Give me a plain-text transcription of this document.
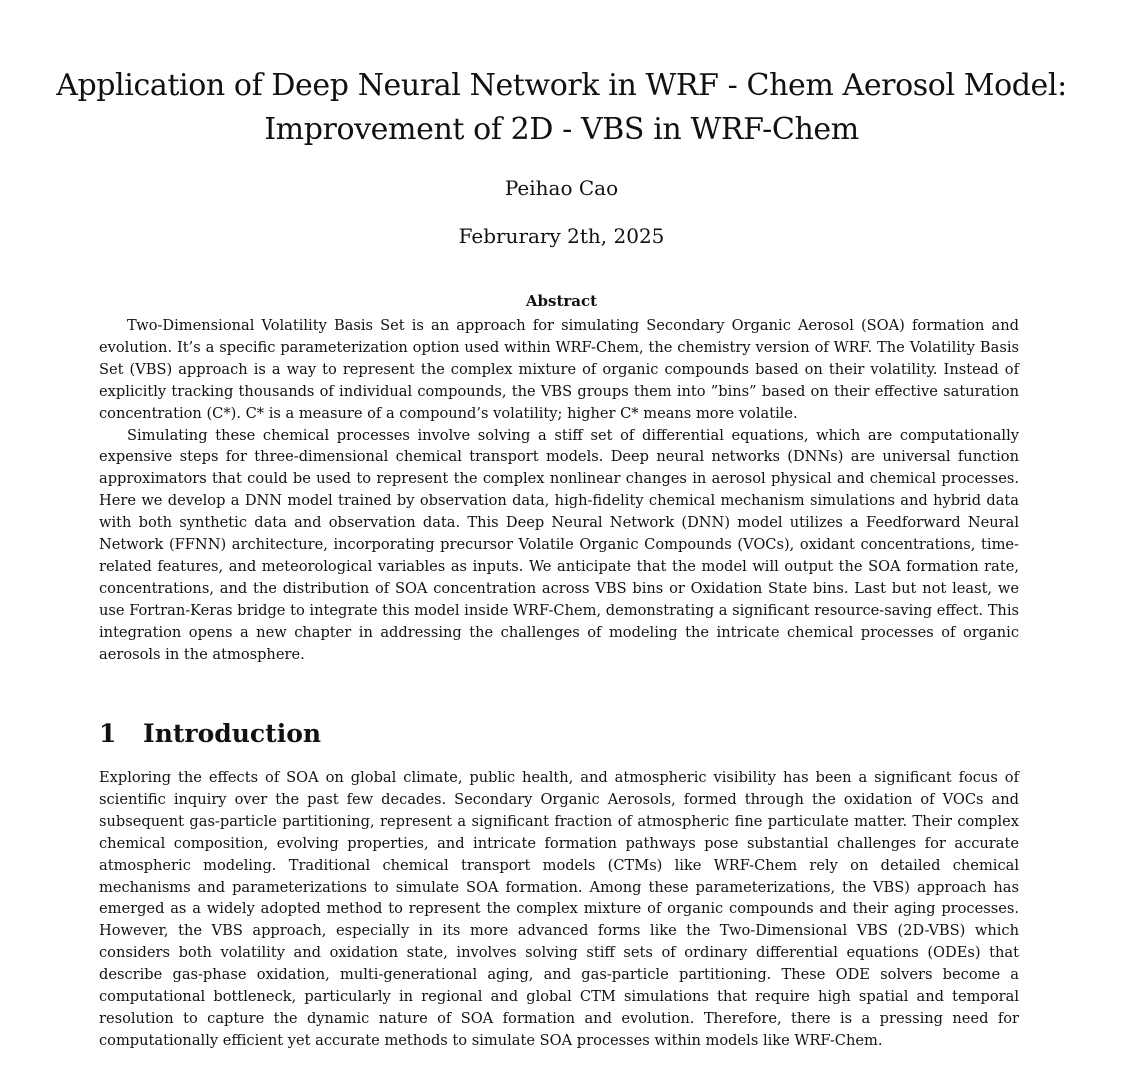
Application of Deep Neural Network in WRF - Chem Aerosol Model: Improvement of 2D - VBS in WRF-Chem
Peihao Cao
Februrary 2th, 2025
Abstract

Two-Dimensional Volatility Basis Set is an approach for simulating Secondary Organic Aerosol (SOA) formation and evolution. It’s a specific parameterization option used within WRF-Chem, the chemistry version of WRF. The Volatility Basis Set (VBS) approach is a way to represent the complex mixture of organic compounds based on their volatility. Instead of explicitly tracking thousands of individual compounds, the VBS groups them into ”bins” based on their effective saturation concentration (C*). C* is a measure of a compound’s volatility; higher C* means more volatile.

Simulating these chemical processes involve solving a stiff set of differential equations, which are computationally expensive steps for three-dimensional chemical transport models. Deep neural networks (DNNs) are universal function approximators that could be used to represent the complex nonlinear changes in aerosol physical and chemical processes. Here we develop a DNN model trained by observation data, high-fidelity chemical mechanism simulations and hybrid data with both synthetic data and observation data. This Deep Neural Network (DNN) model utilizes a Feedforward Neural Network (FFNN) architecture, incorporating precursor Volatile Organic Compounds (VOCs), oxidant concentrations, time-related features, and meteorological variables as inputs. We anticipate that the model will output the SOA formation rate, concentrations, and the distribution of SOA concentration across VBS bins or Oxidation State bins. Last but not least, we use Fortran-Keras bridge to integrate this model inside WRF-Chem, demonstrating a significant resource-saving effect. This integration opens a new chapter in addressing the challenges of modeling the intricate chemical processes of organic aerosols in the atmosphere.

1 Introduction

Exploring the effects of SOA on global climate, public health, and atmospheric visibility has been a significant focus of scientific inquiry over the past few decades. Secondary Organic Aerosols, formed through the oxidation of VOCs and subsequent gas-particle partitioning, represent a significant fraction of atmospheric fine particulate matter. Their complex chemical composition, evolving properties, and intricate formation pathways pose substantial challenges for accurate atmospheric modeling. Traditional chemical transport models (CTMs) like WRF-Chem rely on detailed chemical mechanisms and parameterizations to simulate SOA formation. Among these parameterizations, the VBS) approach has emerged as a widely adopted method to represent the complex mixture of organic compounds and their aging processes. However, the VBS approach, especially in its more advanced forms like the Two-Dimensional VBS (2D-VBS) which considers both volatility and oxidation state, involves solving stiff sets of ordinary differential equations (ODEs) that describe gas-phase oxidation, multi-generational aging, and gas-particle partitioning. These ODE solvers become a computational bottleneck, particularly in regional and global CTM simulations that require high spatial and temporal resolution to capture the dynamic nature of SOA formation and evolution. Therefore, there is a pressing need for computationally efficient yet accurate methods to simulate SOA processes within models like WRF-Chem.
